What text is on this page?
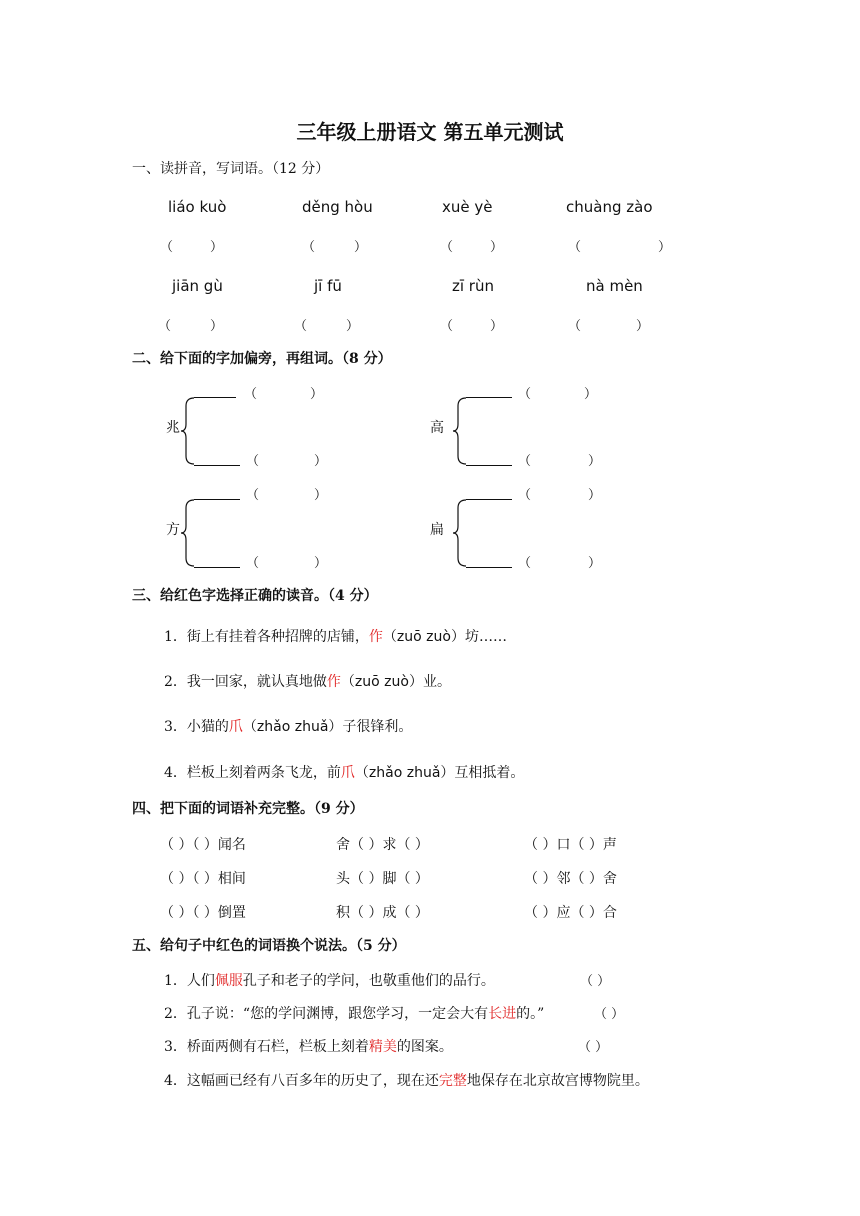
三年级上册语文 第五单元测试
一、读拼音，写词语。（12 分）
liáo kuò	děng hòu	xuè yè	chuàng zào
（	）	（	）	（	）	（	）
jiān gù	jī fū	zī rùn	nà mèn
（	）	（	）	（	）	（	）
二、给下面的字加偏旁，再组词。（8 分）
兆
（	）
（	）
高
（	）
（	）
方
（	）
（	）
扁
（	）
（	）
三、给红色字选择正确的读音。（4 分）
1．街上有挂着各种招牌的店铺，作（zuō zuò）坊……
2．我一回家，就认真地做作（zuō zuò）业。
3．小猫的爪（zhǎo zhuǎ）子很锋利。
4．栏板上刻着两条飞龙，前爪（zhǎo zhuǎ）互相抵着。
四、把下面的词语补充完整。（9 分）
（ ）（ ）闻名	舍（ ）求（ ）	（ ）口（ ）声
（ ）（ ）相间	头（ ）脚（ ）	（ ）邻（ ）舍
（ ）（ ）倒置	积（ ）成（ ）	（ ）应（ ）合
五、给句子中红色的词语换个说法。（5 分）
1．人们佩服孔子和老子的学问，也敬重他们的品行。	（ ）
2．孔子说：“您的学问渊博，跟您学习，一定会大有长进的。”	（ ）
3．桥面两侧有石栏，栏板上刻着精美的图案。	（ ）
4．这幅画已经有八百多年的历史了，现在还完整地保存在北京故宫博物院里。
